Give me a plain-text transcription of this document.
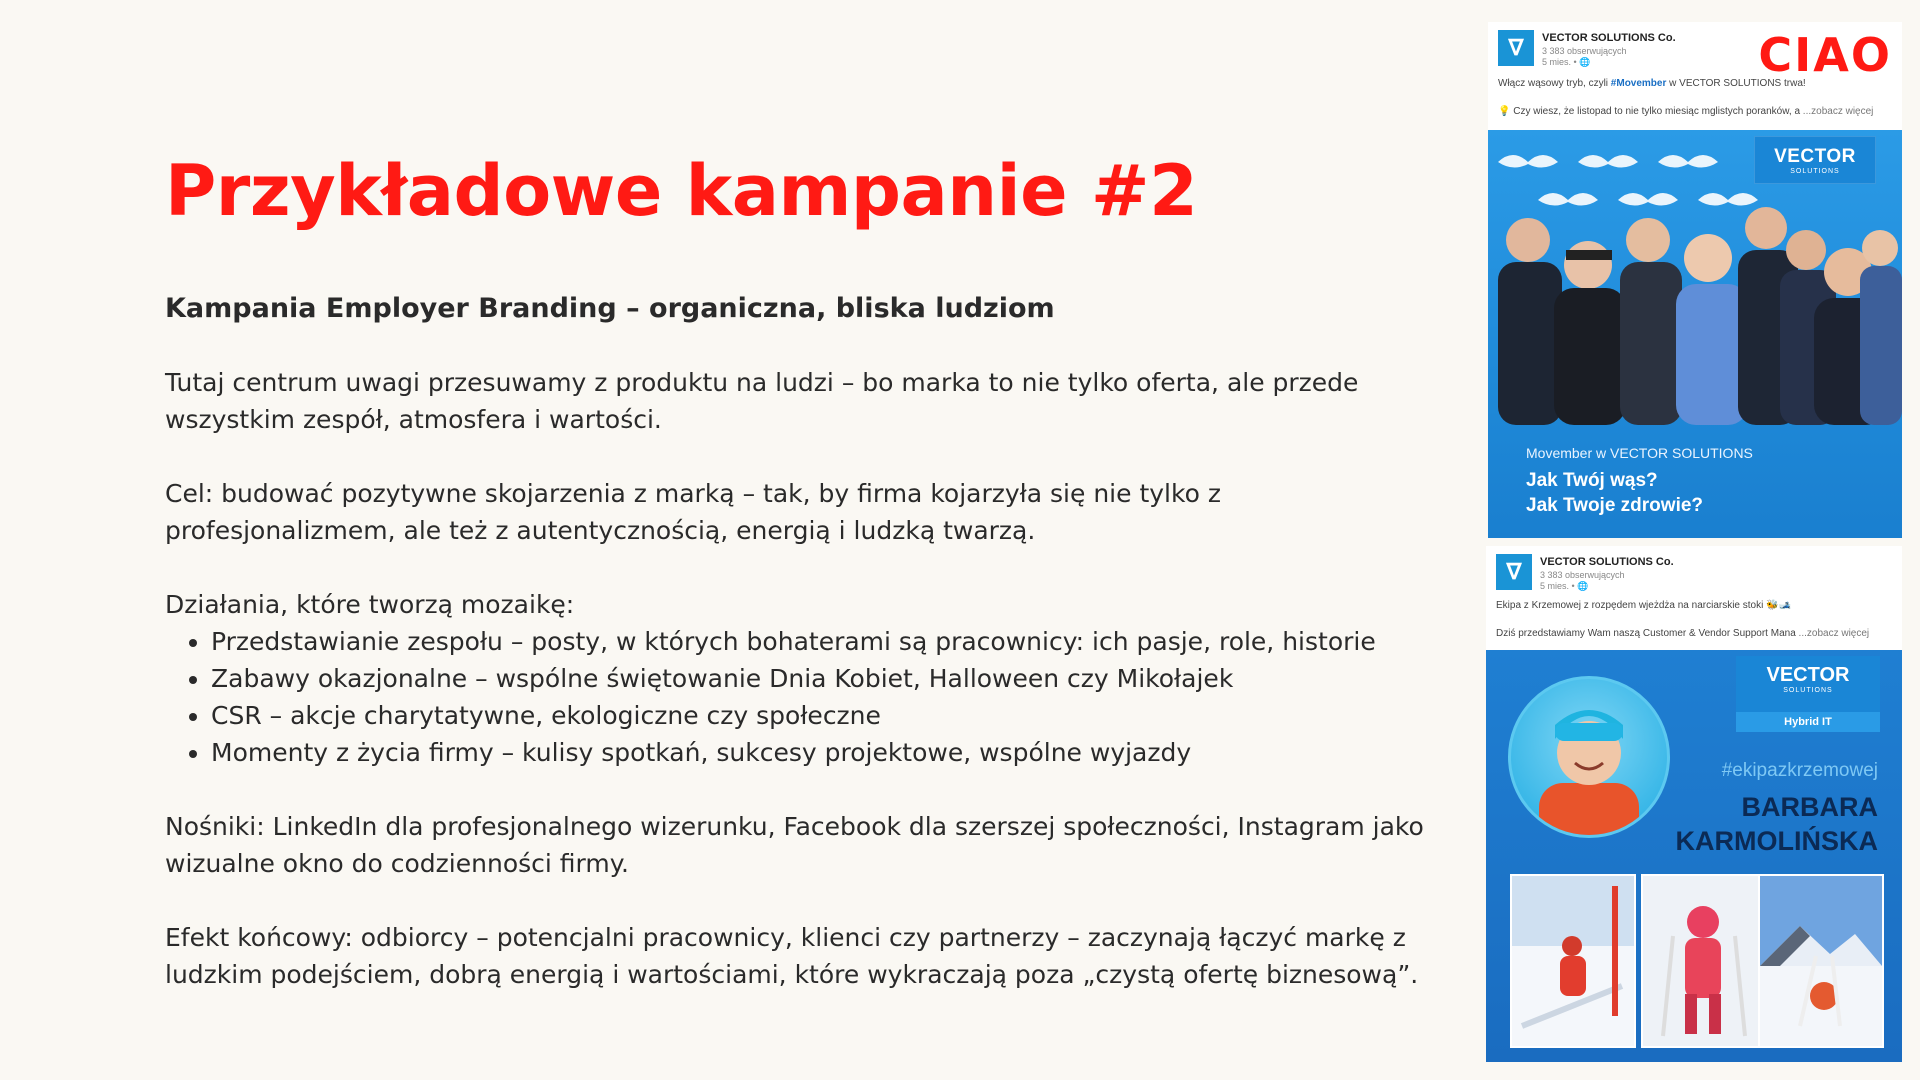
Przykładowe kampanie #2

Kampania Employer Branding – organiczna, bliska ludziom

Tutaj centrum uwagi przesuwamy z produktu na ludzi – bo marka to nie tylko oferta, ale przede wszystkim zespół, atmosfera i wartości.

Cel: budować pozytywne skojarzenia z marką – tak, by firma kojarzyła się nie tylko z profesjonalizmem, ale też z autentycznością, energią i ludzką twarzą.

Działania, które tworzą mozaikę:
• Przedstawianie zespołu – posty, w których bohaterami są pracownicy: ich pasje, role, historie
• Zabawy okazjonalne – wspólne świętowanie Dnia Kobiet, Halloween czy Mikołajek
• CSR – akcje charytatywne, ekologiczne czy społeczne
• Momenty z życia firmy – kulisy spotkań, sukcesy projektowe, wspólne wyjazdy

Nośniki: LinkedIn dla profesjonalnego wizerunku, Facebook dla szerszej społeczności, Instagram jako wizualne okno do codzienności firmy.

Efekt końcowy: odbiorcy – potencjalni pracownicy, klienci czy partnerzy – zaczynają łączyć markę z ludzkim podejściem, dobrą energią i wartościami, które wykraczają poza „czystą ofertę biznesową”.

∇ VECTOR SOLUTIONS Co.
3 383 obserwujących
5 mies. • 🌐	CIAO
Włącz wąsowy tryb, czyli #Movember w VECTOR SOLUTIONS trwa!
💡 Czy wiesz, że listopad to nie tylko miesiąc mglistych poranków, a ...zobacz więcej
VECTOR
SOLUTIONS
Movember w VECTOR SOLUTIONS
Jak Twój wąs?
Jak Twoje zdrowie?
∇ VECTOR SOLUTIONS Co.
3 383 obserwujących
5 mies. • 🌐
Ekipa z Krzemowej z rozpędem wjeżdża na narciarskie stoki 🐝🎿
Dziś przedstawiamy Wam naszą Customer & Vendor Support Mana ...zobacz więcej
VECTOR
SOLUTIONS
Hybrid IT
#ekipazkrzemowej
BARBARA
KARMOLIŃSKA
